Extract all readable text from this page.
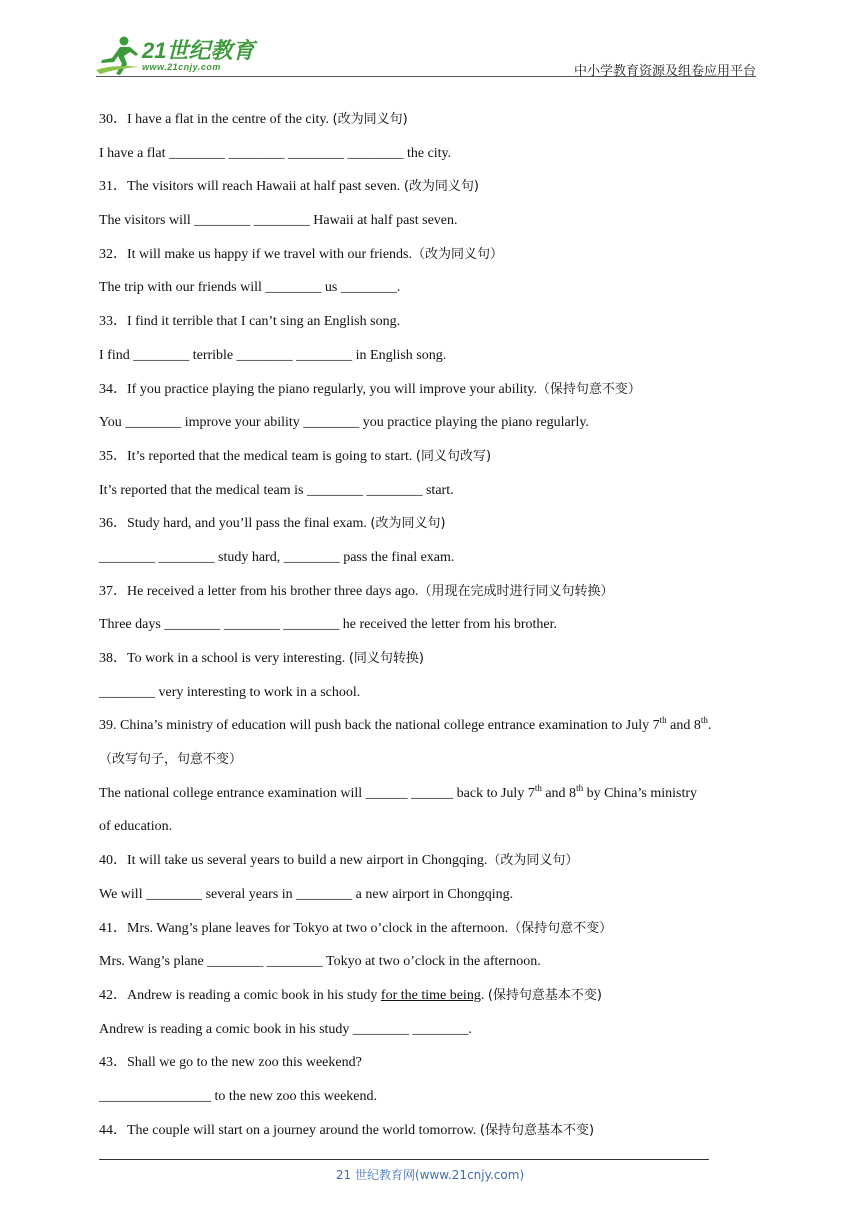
21世纪教育
www.21cnjy.com	中小学教育资源及组卷应用平台
30．I have a flat in the centre of the city. (改为同义句)
I have a flat ________ ________ ________ ________ the city.
31．The visitors will reach Hawaii at half past seven. (改为同义句)
The visitors will ________ ________ Hawaii at half past seven.
32．It will make us happy if we travel with our friends.（改为同义句）
The trip with our friends will ________ us ________.
33．I find it terrible that I can’t sing an English song.
I find ________ terrible ________ ________ in English song.
34．If you practice playing the piano regularly, you will improve your ability.（保持句意不变）
You ________ improve your ability ________ you practice playing the piano regularly.
35．It’s reported that the medical team is going to start. (同义句改写)
It’s reported that the medical team is ________ ________ start.
36．Study hard, and you’ll pass the final exam. (改为同义句)
________ ________ study hard, ________ pass the final exam.
37．He received a letter from his brother three days ago.（用现在完成时进行同义句转换）
Three days ________ ________ ________ he received the letter from his brother.
38．To work in a school is very interesting. (同义句转换)
________ very interesting to work in a school.
39. China’s ministry of education will push back the national college entrance examination to July 7th and 8th.
（改写句子，句意不变）
The national college entrance examination will ______ ______ back to July 7th and 8th by China’s ministry
of education.
40．It will take us several years to build a new airport in Chongqing.（改为同义句）
We will ________ several years in ________ a new airport in Chongqing.
41．Mrs. Wang’s plane leaves for Tokyo at two o’clock in the afternoon.（保持句意不变）
Mrs. Wang’s plane ________ ________ Tokyo at two o’clock in the afternoon.
42．Andrew is reading a comic book in his study for the time being. (保持句意基本不变)
Andrew is reading a comic book in his study ________ ________.
43．Shall we go to the new zoo this weekend?
________________ to the new zoo this weekend.
44．The couple will start on a journey around the world tomorrow. (保持句意基本不变)
21 世纪教育网(www.21cnjy.com)
